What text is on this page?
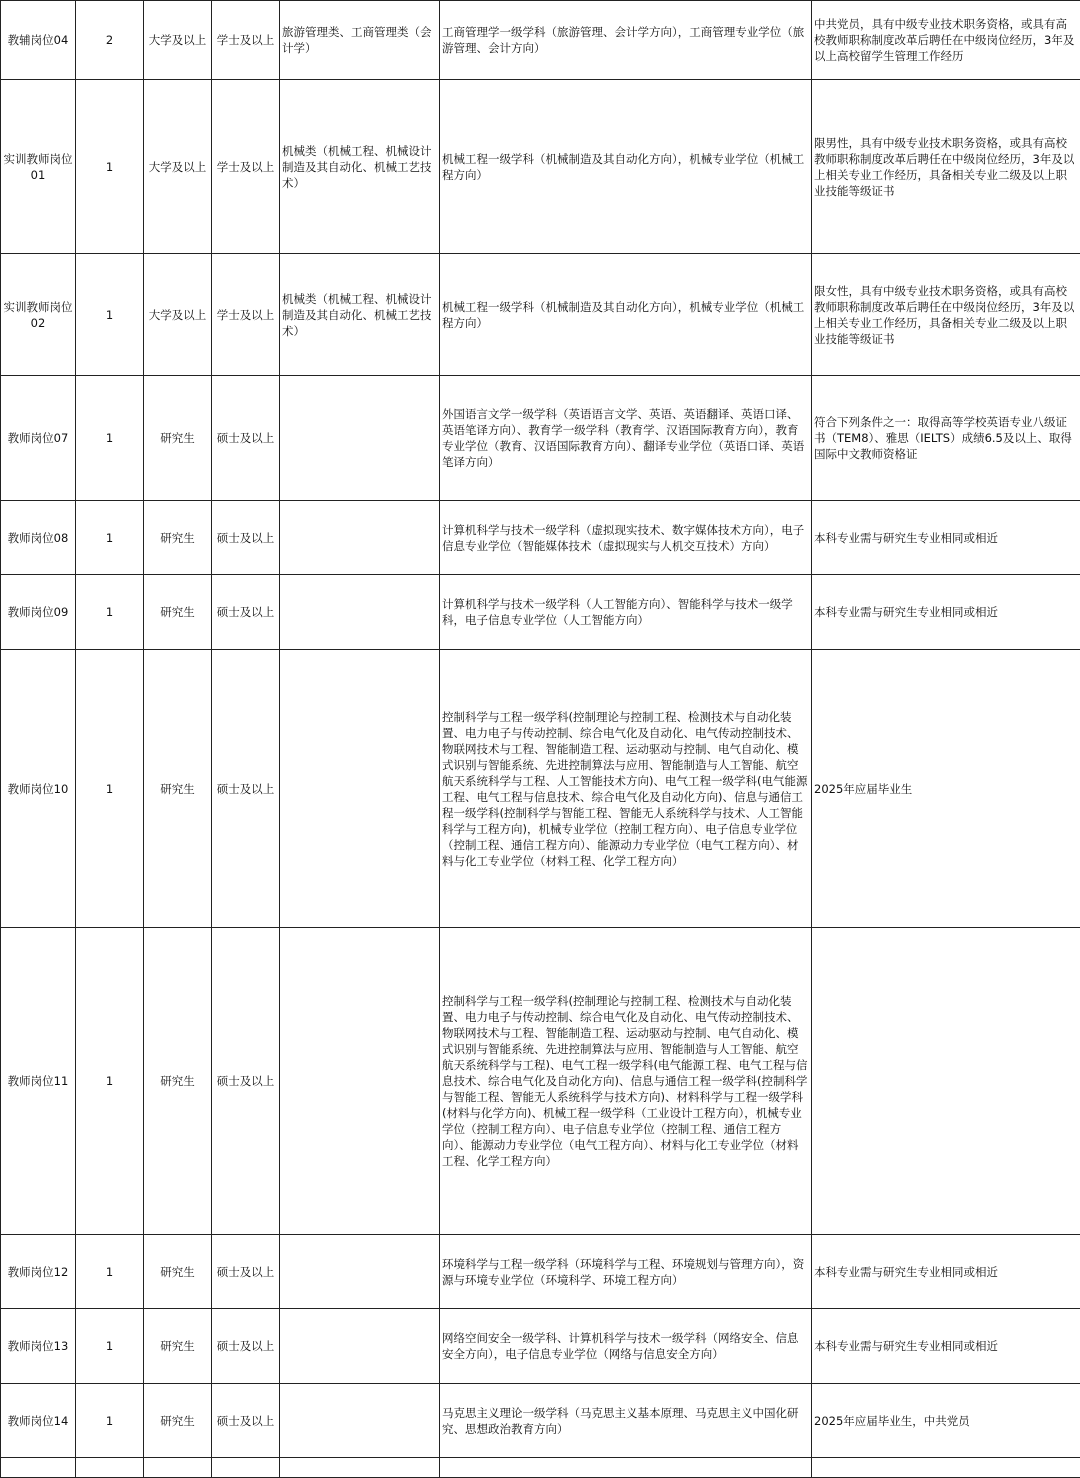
教辅岗位04	2	大学及以上	学士及以上	旅游管理类、工商管理类（会计学）	工商管理学一级学科（旅游管理、会计学方向），工商管理专业学位（旅游管理、会计方向）	中共党员，具有中级专业技术职务资格，或具有高校教师职称制度改革后聘任在中级岗位经历，3年及以上高校留学生管理工作经历
实训教师岗位01	1	大学及以上	学士及以上	机械类（机械工程、机械设计制造及其自动化、机械工艺技术）	机械工程一级学科（机械制造及其自动化方向），机械专业学位（机械工程方向）	限男性，具有中级专业技术职务资格，或具有高校教师职称制度改革后聘任在中级岗位经历，3年及以上相关专业工作经历，具备相关专业二级及以上职业技能等级证书
实训教师岗位02	1	大学及以上	学士及以上	机械类（机械工程、机械设计制造及其自动化、机械工艺技术）	机械工程一级学科（机械制造及其自动化方向），机械专业学位（机械工程方向）	限女性，具有中级专业技术职务资格，或具有高校教师职称制度改革后聘任在中级岗位经历，3年及以上相关专业工作经历，具备相关专业二级及以上职业技能等级证书
教师岗位07	1	研究生	硕士及以上		外国语言文学一级学科（英语语言文学、英语、英语翻译、英语口译、英语笔译方向）、教育学一级学科（教育学、汉语国际教育方向），教育专业学位（教育、汉语国际教育方向）、翻译专业学位（英语口译、英语笔译方向）	符合下列条件之一：取得高等学校英语专业八级证书（TEM8）、雅思（IELTS）成绩6.5及以上、取得国际中文教师资格证
教师岗位08	1	研究生	硕士及以上		计算机科学与技术一级学科（虚拟现实技术、数字媒体技术方向），电子信息专业学位（智能媒体技术（虚拟现实与人机交互技术）方向）	本科专业需与研究生专业相同或相近
教师岗位09	1	研究生	硕士及以上		计算机科学与技术一级学科（人工智能方向）、智能科学与技术一级学科，电子信息专业学位（人工智能方向）	本科专业需与研究生专业相同或相近
教师岗位10	1	研究生	硕士及以上		控制科学与工程一级学科(控制理论与控制工程、检测技术与自动化装置、电力电子与传动控制、综合电气化及自动化、电气传动控制技术、物联网技术与工程、智能制造工程、运动驱动与控制、电气自动化、模式识别与智能系统、先进控制算法与应用、智能制造与人工智能、航空航天系统科学与工程、人工智能技术方向)、电气工程一级学科(电气能源工程、电气工程与信息技术、综合电气化及自动化方向)、信息与通信工程一级学科(控制科学与智能工程、智能无人系统科学与技术、人工智能科学与工程方向)，机械专业学位（控制工程方向）、电子信息专业学位（控制工程、通信工程方向）、能源动力专业学位（电气工程方向）、材料与化工专业学位（材料工程、化学工程方向）	2025年应届毕业生
教师岗位11	1	研究生	硕士及以上		控制科学与工程一级学科(控制理论与控制工程、检测技术与自动化装置、电力电子与传动控制、综合电气化及自动化、电气传动控制技术、物联网技术与工程、智能制造工程、运动驱动与控制、电气自动化、模式识别与智能系统、先进控制算法与应用、智能制造与人工智能、航空航天系统科学与工程)、电气工程一级学科(电气能源工程、电气工程与信息技术、综合电气化及自动化方向)、信息与通信工程一级学科(控制科学与智能工程、智能无人系统科学与技术方向)、材料科学与工程一级学科(材料与化学方向)、机械工程一级学科（工业设计工程方向），机械专业学位（控制工程方向）、电子信息专业学位（控制工程、通信工程方向）、能源动力专业学位（电气工程方向）、材料与化工专业学位（材料工程、化学工程方向）	
教师岗位12	1	研究生	硕士及以上		环境科学与工程一级学科（环境科学与工程、环境规划与管理方向），资源与环境专业学位（环境科学、环境工程方向）	本科专业需与研究生专业相同或相近
教师岗位13	1	研究生	硕士及以上		网络空间安全一级学科、计算机科学与技术一级学科（网络安全、信息安全方向），电子信息专业学位（网络与信息安全方向）	本科专业需与研究生专业相同或相近
教师岗位14	1	研究生	硕士及以上		马克思主义理论一级学科（马克思主义基本原理、马克思主义中国化研究、思想政治教育方向）	2025年应届毕业生，中共党员
